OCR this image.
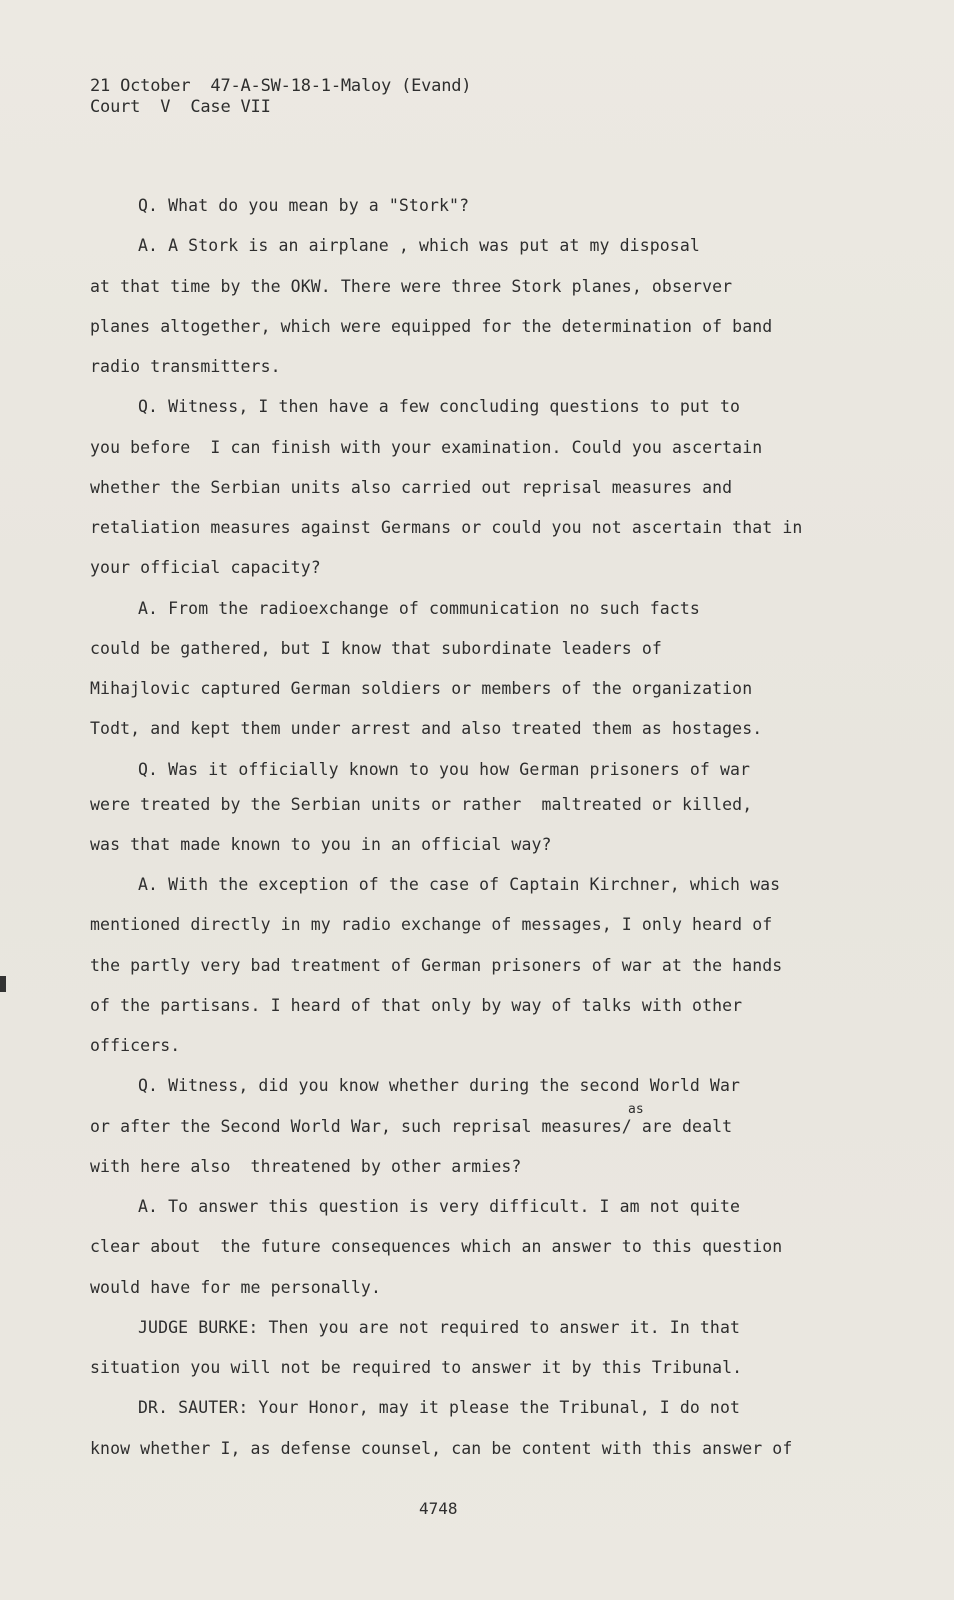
21 October  47-A-SW-18-1-Maloy (Evand)
Court  V  Case VII
Q. What do you mean by a "Stork"?
A. A Stork is an airplane , which was put at my disposal
at that time by the OKW. There were three Stork planes, observer
planes altogether, which were equipped for the determination of band
radio transmitters.
Q. Witness, I then have a few concluding questions to put to
you before  I can finish with your examination. Could you ascertain
whether the Serbian units also carried out reprisal measures and
retaliation measures against Germans or could you not ascertain that in
your official capacity?
A. From the radioexchange of communication no such facts
could be gathered, but I know that subordinate leaders of
Mihajlovic captured German soldiers or members of the organization
Todt, and kept them under arrest and also treated them as hostages.
Q. Was it officially known to you how German prisoners of war
were treated by the Serbian units or rather  maltreated or killed,
was that made known to you in an official way?
A. With the exception of the case of Captain Kirchner, which was
mentioned directly in my radio exchange of messages, I only heard of
the partly very bad treatment of German prisoners of war at the hands
of the partisans. I heard of that only by way of talks with other
officers.
Q. Witness, did you know whether during the second World War
or after the Second World War, such reprisal measures/ are dealt
as
with here also  threatened by other armies?
A. To answer this question is very difficult. I am not quite
clear about  the future consequences which an answer to this question
would have for me personally.
JUDGE BURKE: Then you are not required to answer it. In that
situation you will not be required to answer it by this Tribunal.
DR. SAUTER: Your Honor, may it please the Tribunal, I do not
know whether I, as defense counsel, can be content with this answer of
4748
